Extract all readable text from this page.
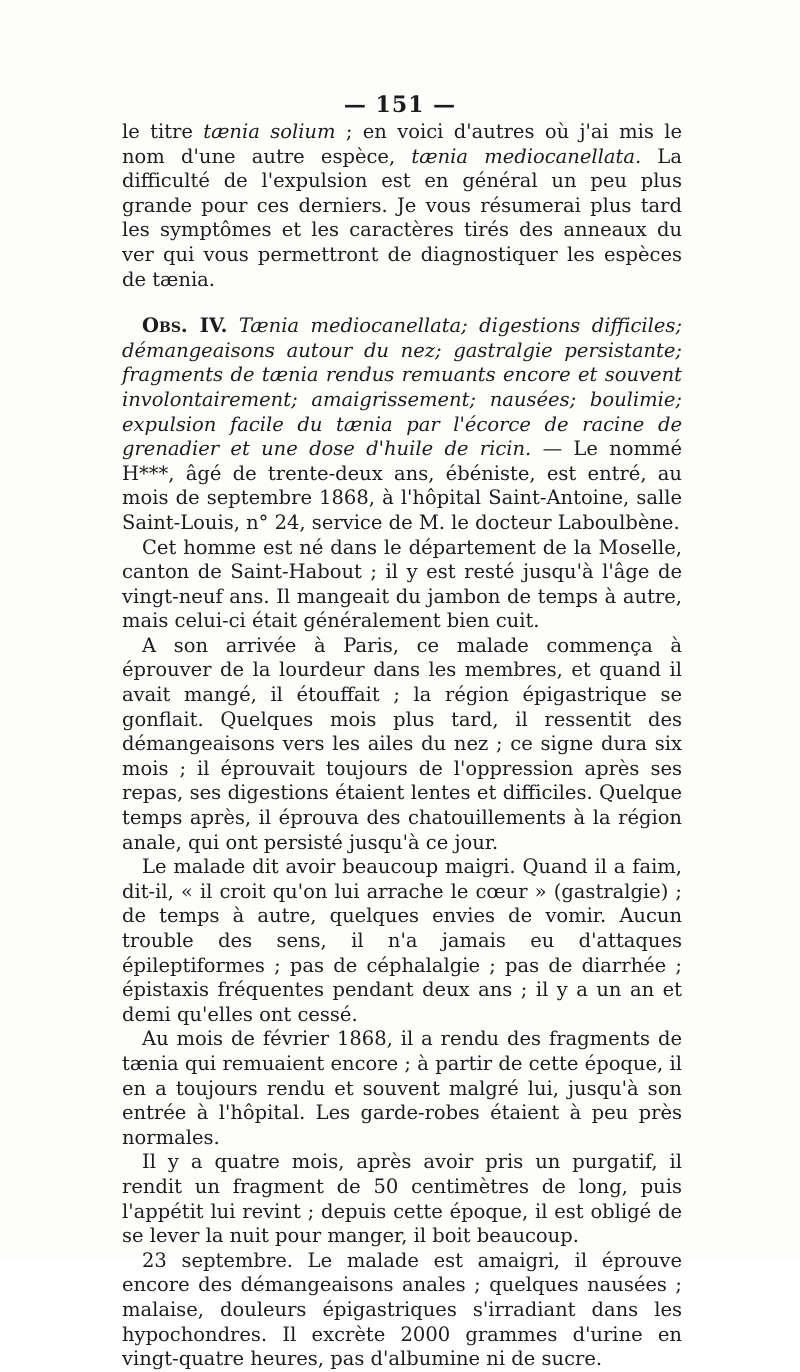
— 151 —

le titre tænia solium ; en voici d'autres où j'ai mis le nom d'une autre espèce, tænia mediocanellata. La difficulté de l'expulsion est en général un peu plus grande pour ces derniers. Je vous résumerai plus tard les symptômes et les caractères tirés des anneaux du ver qui vous permettront de diagnostiquer les espèces de tænia.

Obs. IV. Tænia mediocanellata; digestions difficiles; démangeaisons autour du nez; gastralgie persistante; fragments de tænia rendus remuants encore et souvent involontairement; amaigrissement; nausées; boulimie; expulsion facile du tænia par l'écorce de racine de grenadier et une dose d'huile de ricin. — Le nommé H***, âgé de trente-deux ans, ébéniste, est entré, au mois de septembre 1868, à l'hôpital Saint-Antoine, salle Saint-Louis, n° 24, service de M. le docteur Laboulbène.

Cet homme est né dans le département de la Moselle, canton de Saint-Habout ; il y est resté jusqu'à l'âge de vingt-neuf ans. Il mangeait du jambon de temps à autre, mais celui-ci était généralement bien cuit.

A son arrivée à Paris, ce malade commença à éprouver de la lourdeur dans les membres, et quand il avait mangé, il étouffait ; la région épigastrique se gonflait. Quelques mois plus tard, il ressentit des démangeaisons vers les ailes du nez ; ce signe dura six mois ; il éprouvait toujours de l'oppression après ses repas, ses digestions étaient lentes et difficiles. Quelque temps après, il éprouva des chatouillements à la région anale, qui ont persisté jusqu'à ce jour.

Le malade dit avoir beaucoup maigri. Quand il a faim, dit-il, « il croit qu'on lui arrache le cœur » (gastralgie) ; de temps à autre, quelques envies de vomir. Aucun trouble des sens, il n'a jamais eu d'attaques épileptiformes ; pas de céphalalgie ; pas de diarrhée ; épistaxis fréquentes pendant deux ans ; il y a un an et demi qu'elles ont cessé.

Au mois de février 1868, il a rendu des fragments de tænia qui remuaient encore ; à partir de cette époque, il en a toujours rendu et souvent malgré lui, jusqu'à son entrée à l'hôpital. Les garde-robes étaient à peu près normales.

Il y a quatre mois, après avoir pris un purgatif, il rendit un fragment de 50 centimètres de long, puis l'appétit lui revint ; depuis cette époque, il est obligé de se lever la nuit pour manger, il boit beaucoup.

23 septembre. Le malade est amaigri, il éprouve encore des démangeaisons anales ; quelques nausées ; malaise, douleurs épigastriques s'irradiant dans les hypochondres. Il excrète 2000 grammes d'urine en vingt-quatre heures, pas d'albumine ni de sucre.
